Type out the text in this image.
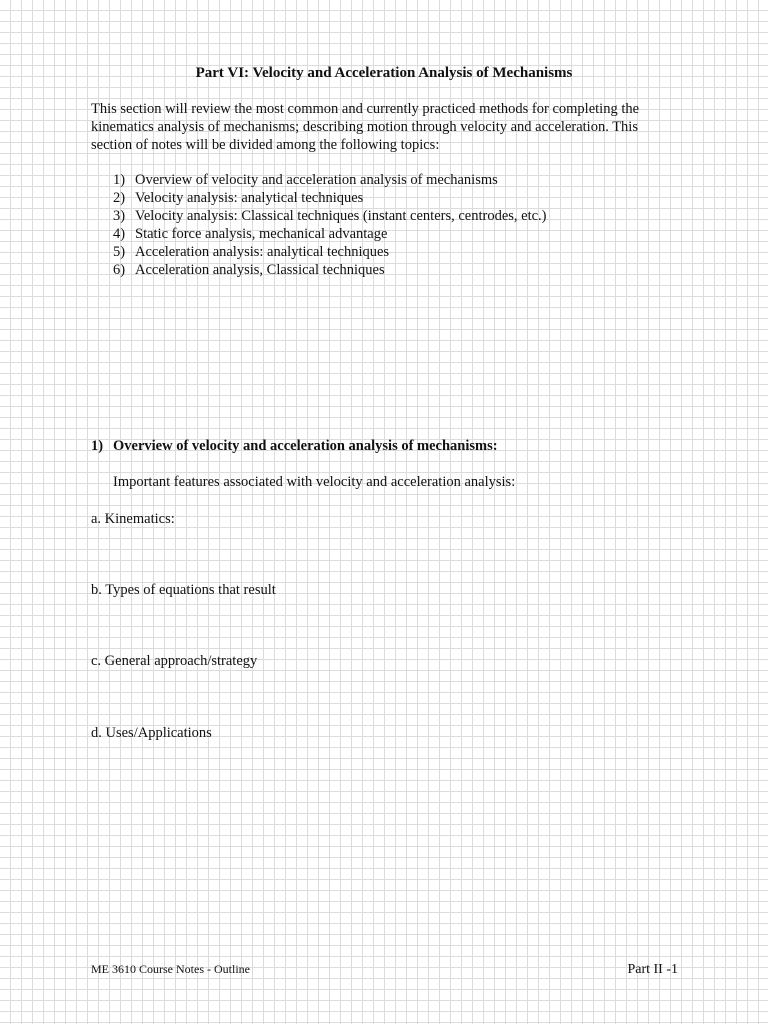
Part VI: Velocity and Acceleration Analysis of Mechanisms
This section will review the most common and currently practiced methods for completing the
kinematics analysis of mechanisms; describing motion through velocity and acceleration. This
section of notes will be divided among the following topics:
1) Overview of velocity and acceleration analysis of mechanisms
2) Velocity analysis: analytical techniques
3) Velocity analysis: Classical techniques (instant centers, centrodes, etc.)
4) Static force analysis, mechanical advantage
5) Acceleration analysis: analytical techniques
6) Acceleration analysis, Classical techniques
1) Overview of velocity and acceleration analysis of mechanisms:
Important features associated with velocity and acceleration analysis:
a. Kinematics:
b. Types of equations that result
c. General approach/strategy
d. Uses/Applications
ME 3610 Course Notes - Outline	Part II -1
